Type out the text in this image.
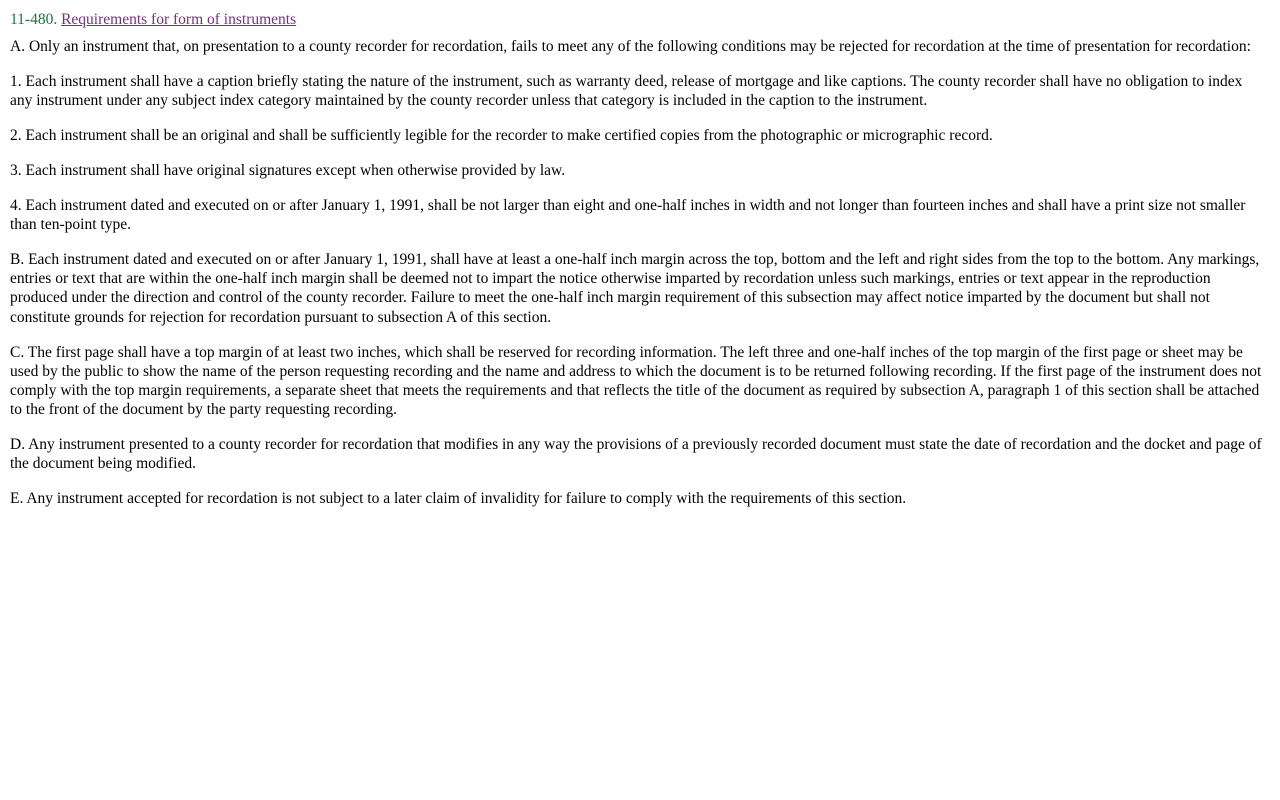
11-480. Requirements for form of instruments

A. Only an instrument that, on presentation to a county recorder for recordation, fails to meet any of the following conditions may be rejected for recordation at the time of presentation for recordation:

1. Each instrument shall have a caption briefly stating the nature of the instrument, such as warranty deed, release of mortgage and like captions. The county recorder shall have no obligation to index any instrument under any subject index category maintained by the county recorder unless that category is included in the caption to the instrument.

2. Each instrument shall be an original and shall be sufficiently legible for the recorder to make certified copies from the photographic or micrographic record.

3. Each instrument shall have original signatures except when otherwise provided by law.

4. Each instrument dated and executed on or after January 1, 1991, shall be not larger than eight and one-half inches in width and not longer than fourteen inches and shall have a print size not smaller than ten-point type.

B. Each instrument dated and executed on or after January 1, 1991, shall have at least a one-half inch margin across the top, bottom and the left and right sides from the top to the bottom. Any markings, entries or text that are within the one-half inch margin shall be deemed not to impart the notice otherwise imparted by recordation unless such markings, entries or text appear in the reproduction produced under the direction and control of the county recorder. Failure to meet the one-half inch margin requirement of this subsection may affect notice imparted by the document but shall not constitute grounds for rejection for recordation pursuant to subsection A of this section.

C. The first page shall have a top margin of at least two inches, which shall be reserved for recording information. The left three and one-half inches of the top margin of the first page or sheet may be used by the public to show the name of the person requesting recording and the name and address to which the document is to be returned following recording. If the first page of the instrument does not comply with the top margin requirements, a separate sheet that meets the requirements and that reflects the title of the document as required by subsection A, paragraph 1 of this section shall be attached to the front of the document by the party requesting recording.

D. Any instrument presented to a county recorder for recordation that modifies in any way the provisions of a previously recorded document must state the date of recordation and the docket and page of the document being modified.

E. Any instrument accepted for recordation is not subject to a later claim of invalidity for failure to comply with the requirements of this section.
